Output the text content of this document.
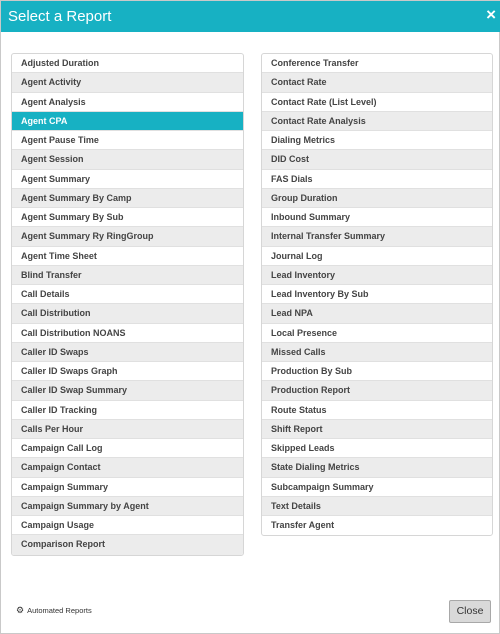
Select a Report	×
Adjusted Duration
Agent Activity
Agent Analysis
Agent CPA
Agent Pause Time
Agent Session
Agent Summary
Agent Summary By Camp
Agent Summary By Sub
Agent Summary Ry RingGroup
Agent Time Sheet
Blind Transfer
Call Details
Call Distribution
Call Distribution NOANS
Caller ID Swaps
Caller ID Swaps Graph
Caller ID Swap Summary
Caller ID Tracking
Calls Per Hour
Campaign Call Log
Campaign Contact
Campaign Summary
Campaign Summary by Agent
Campaign Usage
Comparison Report
Conference Transfer
Contact Rate
Contact Rate (List Level)
Contact Rate Analysis
Dialing Metrics
DID Cost
FAS Dials
Group Duration
Inbound Summary
Internal Transfer Summary
Journal Log
Lead Inventory
Lead Inventory By Sub
Lead NPA
Local Presence
Missed Calls
Production By Sub
Production Report
Route Status
Shift Report
Skipped Leads
State Dialing Metrics
Subcampaign Summary
Text Details
Transfer Agent
⚙ Automated Reports	Close
